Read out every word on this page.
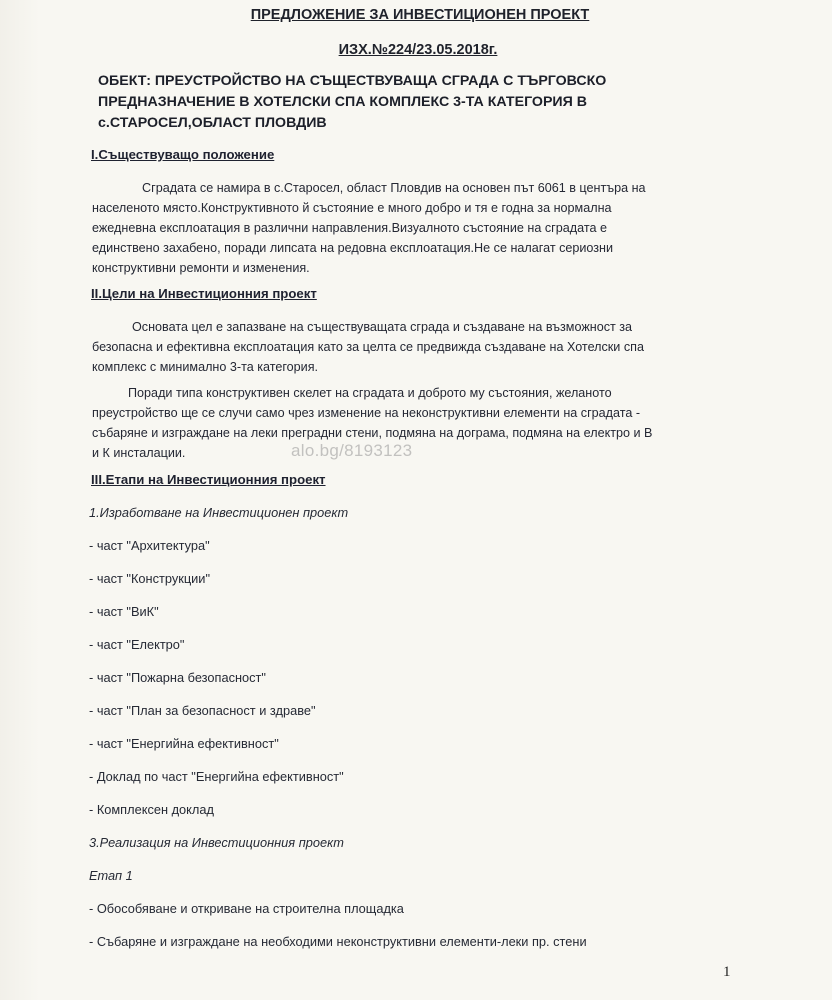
alo.bg/8193123
ПРЕДЛОЖЕНИЕ ЗА ИНВЕСТИЦИОНЕН ПРОЕКТ
ИЗХ.№224/23.05.2018г.
ОБЕКТ: ПРЕУСТРОЙСТВО НА СЪЩЕСТВУВАЩА СГРАДА С ТЪРГОВСКО
ПРЕДНАЗНАЧЕНИЕ В ХОТЕЛСКИ СПА КОМПЛЕКС 3-ТА КАТЕГОРИЯ В
с.СТАРОСЕЛ,ОБЛАСТ ПЛОВДИВ
I.Съществуващо положение
Сградата се намира в с.Старосел, област Пловдив на основен път 6061 в центъра на
населеното място.Конструктивното й състояние е много добро и тя е годна за нормална
ежедневна експлоатация в различни направления.Визуалното състояние на сградата е
единствено захабено, поради липсата на редовна експлоатация.Не се налагат сериозни
конструктивни ремонти и изменения.
II.Цели на Инвестиционния проект
Основата цел е запазване на съществуващата сграда и създаване на възможност за
безопасна и ефективна експлоатация като за целта се предвижда създаване на Хотелски спа
комплекс с минимално 3-та категория.
Поради типа конструктивен скелет на сградата и доброто му състояния, желаното
преустройство ще се случи само чрез изменение на неконструктивни елементи на сградата -
събаряне и изграждане на леки преградни стени, подмяна на дограма, подмяна на електро и В
и К инсталации.
III.Етапи на Инвестиционния проект
1.Изработване на Инвестиционен проект
- част "Архитектура"
- част "Конструкции"
- част "ВиК"
- част "Електро"
- част "Пожарна безопасност"
- част "План за безопасност и здраве"
- част "Енергийна ефективност"
- Доклад по част "Енергийна ефективност"
- Комплексен доклад
3.Реализация на Инвестиционния проект
Етап 1
- Обособяване и откриване на строителна площадка
- Събаряне и изграждане на необходими неконструктивни елементи-леки пр. стени
1
